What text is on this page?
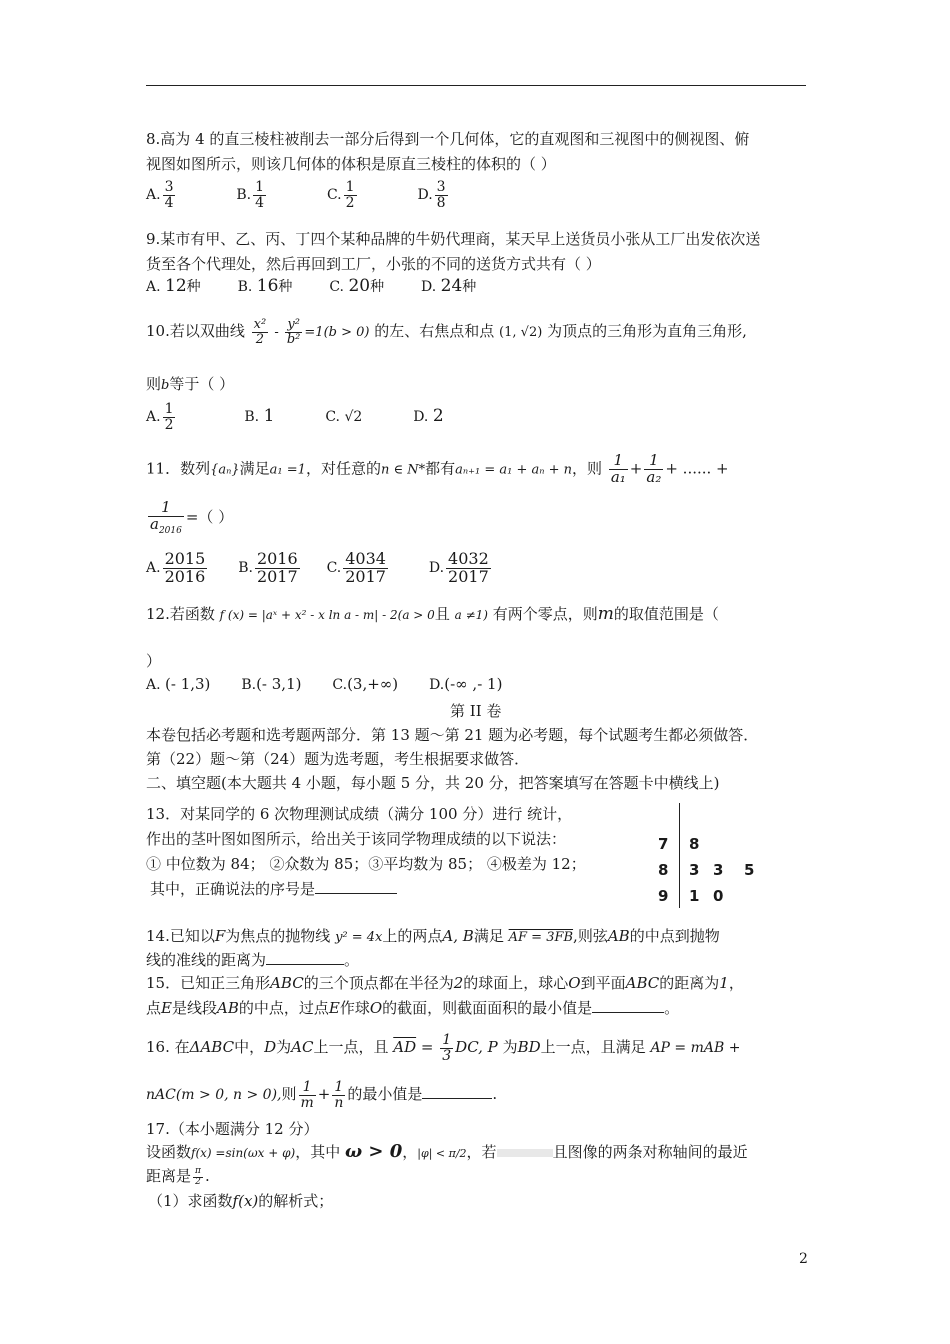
8.高为 4 的直三棱柱被削去一部分后得到一个几何体，它的直观图和三视图中的侧视图、俯
视图如图所示，则该几何体的体积是原直三棱柱的体积的（ ）
A. $\frac{3}{4}$	B. $\frac{1}{4}$	C. $\frac{1}{2}$	D. $\frac{3}{8}$
9.某市有甲、乙、丙、丁四个某种品牌的牛奶代理商，某天早上送货员小张从工厂出发依次送
货至各个代理处，然后再回到工厂，小张的不同的送货方式共有（ ）
A. 12种	B. 16种	C. 20种	D. 24种
10.若以双曲线 $\frac{\text{x²}}{2} - \frac{\text{y²}}{\text{b²}} =1(b > 0)$ 的左、右焦点和点 (1, √2) 为顶点的三角形为直角三角形,
则b等于（ ）
A. $\frac{1}{2}$	B. 1	C. √2	D. 2
11．数列{aₙ}满足a₁ =1，对任意的n ∈ N*都有aₙ₊₁ = a₁ + aₙ + n，则 $\frac{1}{\text{a₁}} + \frac{1}{\text{a₂}}$ + ...... +
$\frac{1}{a_{2016}}$ =（ ）
A. $\frac{2015}{2016} B$. $\frac{2016}{2017} C$. $\frac{4034}{2017}$	D. $\frac{4032}{2017}$
12.若函数 f (x) = |aˣ + x² - x ln a - m| - 2(a > 0且 a ≠1) 有两个零点，则m的取值范围是（
）
A. (- 1,3) B.(- 3,1) C.(3,+∞) D.(-∞ ,- 1)
第 II 卷
本卷包括必考题和选考题两部分．第 13 题～第 21 题为必考题，每个试题考生都必须做答．
第（22）题～第（24）题为选考题，考生根据要求做答．
二、填空题(本大题共 4 小题，每小题 5 分，共 20 分，把答案填写在答题卡中横线上)
13．对某同学的 6 次物理测试成绩（满分 100 分）进行 统计，
作出的茎叶图如图所示，给出关于该同学物理成绩的以下说法：
① 中位数为 84； ②众数为 85；③平均数为 85； ④极差为 12；
其中，正确说法的序号是
7 8
8 3 3 5
9 1 0
14.已知以F为焦点的抛物线 y² = 4x上的两点A, B满足 AF = 3FB,则弦AB的中点到抛物
线的准线的距离为	。
15．已知正三角形ABC的三个顶点都在半径为2的球面上，球心O到平面ABC的距离为1，
点E是线段AB的中点，过点E作球O的截面，则截面面积的最小值是	。
16. 在ΔABC中，D为AC上一点，且 $\overline{AD} = \frac{1}{3}$ DC, P 为BD上一点，且满足 AP = mAB +
nAC(m > 0, n > 0),则 $\frac{1}{m} + \frac{1}{n}$ 的最小值是	.
17.（本小题满分 12 分）
设函数f(x) =sin(ωx + φ)，其中 ω > 0，|φ| < π/2，若	且图像的两条对称轴间的最近
距离是 $\frac{\pi}{2}$ .
（1）求函数f(x)的解析式；
2
